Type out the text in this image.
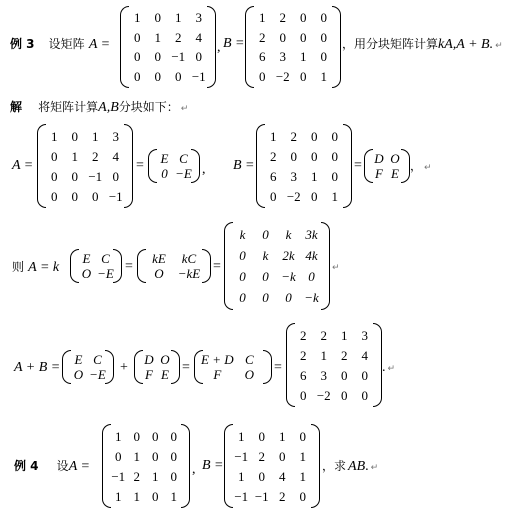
例 3 设矩阵 A =
1 0 1 3
0 1 2 4
0 0 −1 0
0 0 0 −1
, B =
1 2 0 0
2 0 0 0
6 3 1 0
0 −2 0 1
，用分块矩阵计算kA,A + B. ↵
解 将矩阵计算A,B分块如下： ↵
A =
1 0 1 3
0 1 2 4
0 0 −1 0
0 0 0 −1
= E C
0 −E , B =
1 2 0 0
2 0 0 0
6 3 1 0
0 −2 0 1
= D O
F E ， ↵
则 A = k
E C
O −E =
kE kC
O −kE =
k 0 k 3k
0 k 2k 4k
0 0 −k 0
0 0 0 −k
↵
A + B =
E C
O −E +
D O
F E =
E + D C
F O =
2 2 1 3
2 1 2 4
6 3 0 0
0 −2 0 0
. ↵
例 4 设A =
1 0 0 0
0 1 0 0
−1 2 1 0
1 1 0 1
, B =
1 0 1 0
−1 2 0 1
1 0 4 1
−1 −1 2 0
，求 AB. ↵
